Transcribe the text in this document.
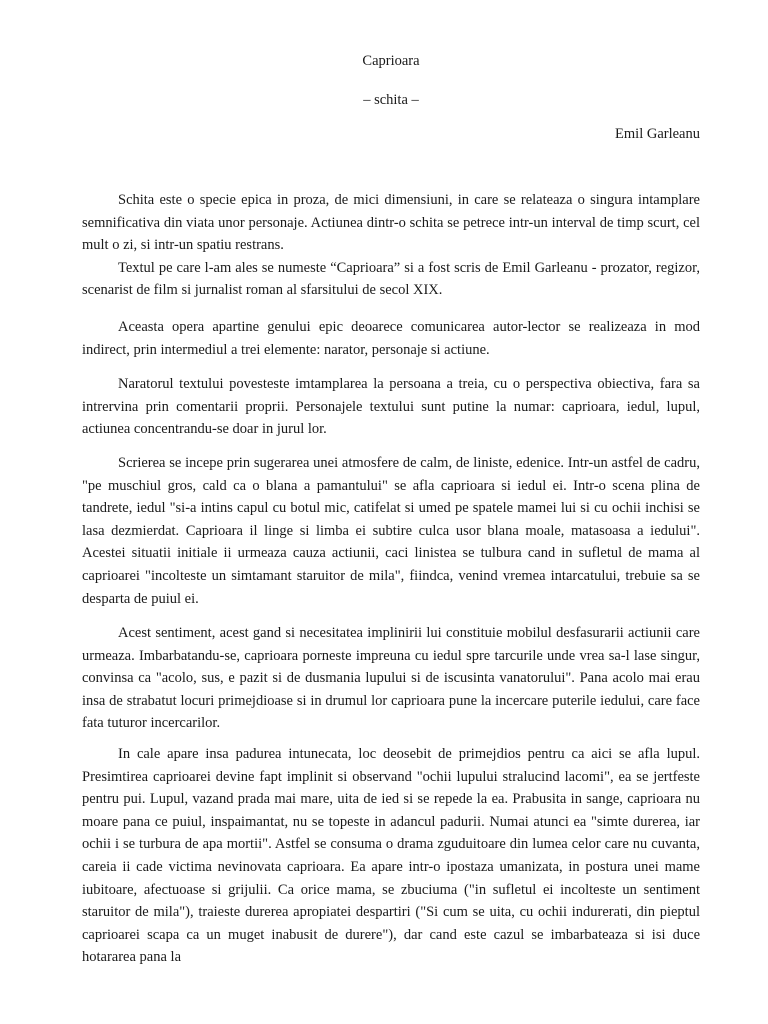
Caprioara

– schita –

Emil Garleanu

Schita este o specie epica in proza, de mici dimensiuni, in care se relateaza o singura intamplare semnificativa din viata unor personaje. Actiunea dintr-o schita se petrece intr-un interval de timp scurt, cel mult o zi, si intr-un spatiu restrans.

Textul pe care l-am ales se numeste “Caprioara” si a fost scris de Emil Garleanu - prozator, regizor, scenarist de film si jurnalist roman al sfarsitului de secol XIX.

Aceasta opera apartine genului epic deoarece comunicarea autor-lector se realizeaza in mod indirect, prin intermediul a trei elemente: narator, personaje si actiune.

Naratorul textului povesteste imtamplarea la persoana a treia, cu o perspectiva obiectiva, fara sa intrervina prin comentarii proprii. Personajele textului sunt putine la numar: caprioara, iedul, lupul, actiunea concentrandu-se doar in jurul lor.

Scrierea se incepe prin sugerarea unei atmosfere de calm, de liniste, edenice. Intr-un astfel de cadru, "pe muschiul gros, cald ca o blana a pamantului" se afla caprioara si iedul ei. Intr-o scena plina de tandrete, iedul "si-a intins capul cu botul mic, catifelat si umed pe spatele mamei lui si cu ochii inchisi se lasa dezmierdat. Caprioara il linge si limba ei subtire culca usor blana moale, matasoasa a iedului". Acestei situatii initiale ii urmeaza cauza actiunii, caci linistea se tulbura cand in sufletul de mama al caprioarei "incolteste un simtamant staruitor de mila", fiindca, venind vremea intarcatului, trebuie sa se desparta de puiul ei.

Acest sentiment, acest gand si necesitatea implinirii lui constituie mobilul desfasurarii actiunii care urmeaza. Imbarbatandu-se, caprioara porneste impreuna cu iedul spre tarcurile unde vrea sa-l lase singur, convinsa ca "acolo, sus, e pazit si de dusmania lupului si de iscusinta vanatorului". Pana acolo mai erau insa de strabatut locuri primejdioase si in drumul lor caprioara pune la incercare puterile iedului, care face fata tuturor incercarilor.

In cale apare insa padurea intunecata, loc deosebit de primejdios pentru ca aici se afla lupul. Presimtirea caprioarei devine fapt implinit si observand "ochii lupului stralucind lacomi", ea se jertfeste pentru pui. Lupul, vazand prada mai mare, uita de ied si se repede la ea. Prabusita in sange, caprioara nu moare pana ce puiul, inspaimantat, nu se topeste in adancul padurii. Numai atunci ea "simte durerea, iar ochii i se turbura de apa mortii". Astfel se consuma o drama zguduitoare din lumea celor care nu cuvanta, careia ii cade victima nevinovata caprioara. Ea apare intr-o ipostaza umanizata, in postura unei mame iubitoare, afectuoase si grijulii. Ca orice mama, se zbuciuma ("in sufletul ei incolteste un sentiment staruitor de mila"), traieste durerea apropiatei despartiri ("Si cum se uita, cu ochii indurerati, din pieptul caprioarei scapa ca un muget inabusit de durere"), dar cand este cazul se imbarbateaza si isi duce hotararea pana la
